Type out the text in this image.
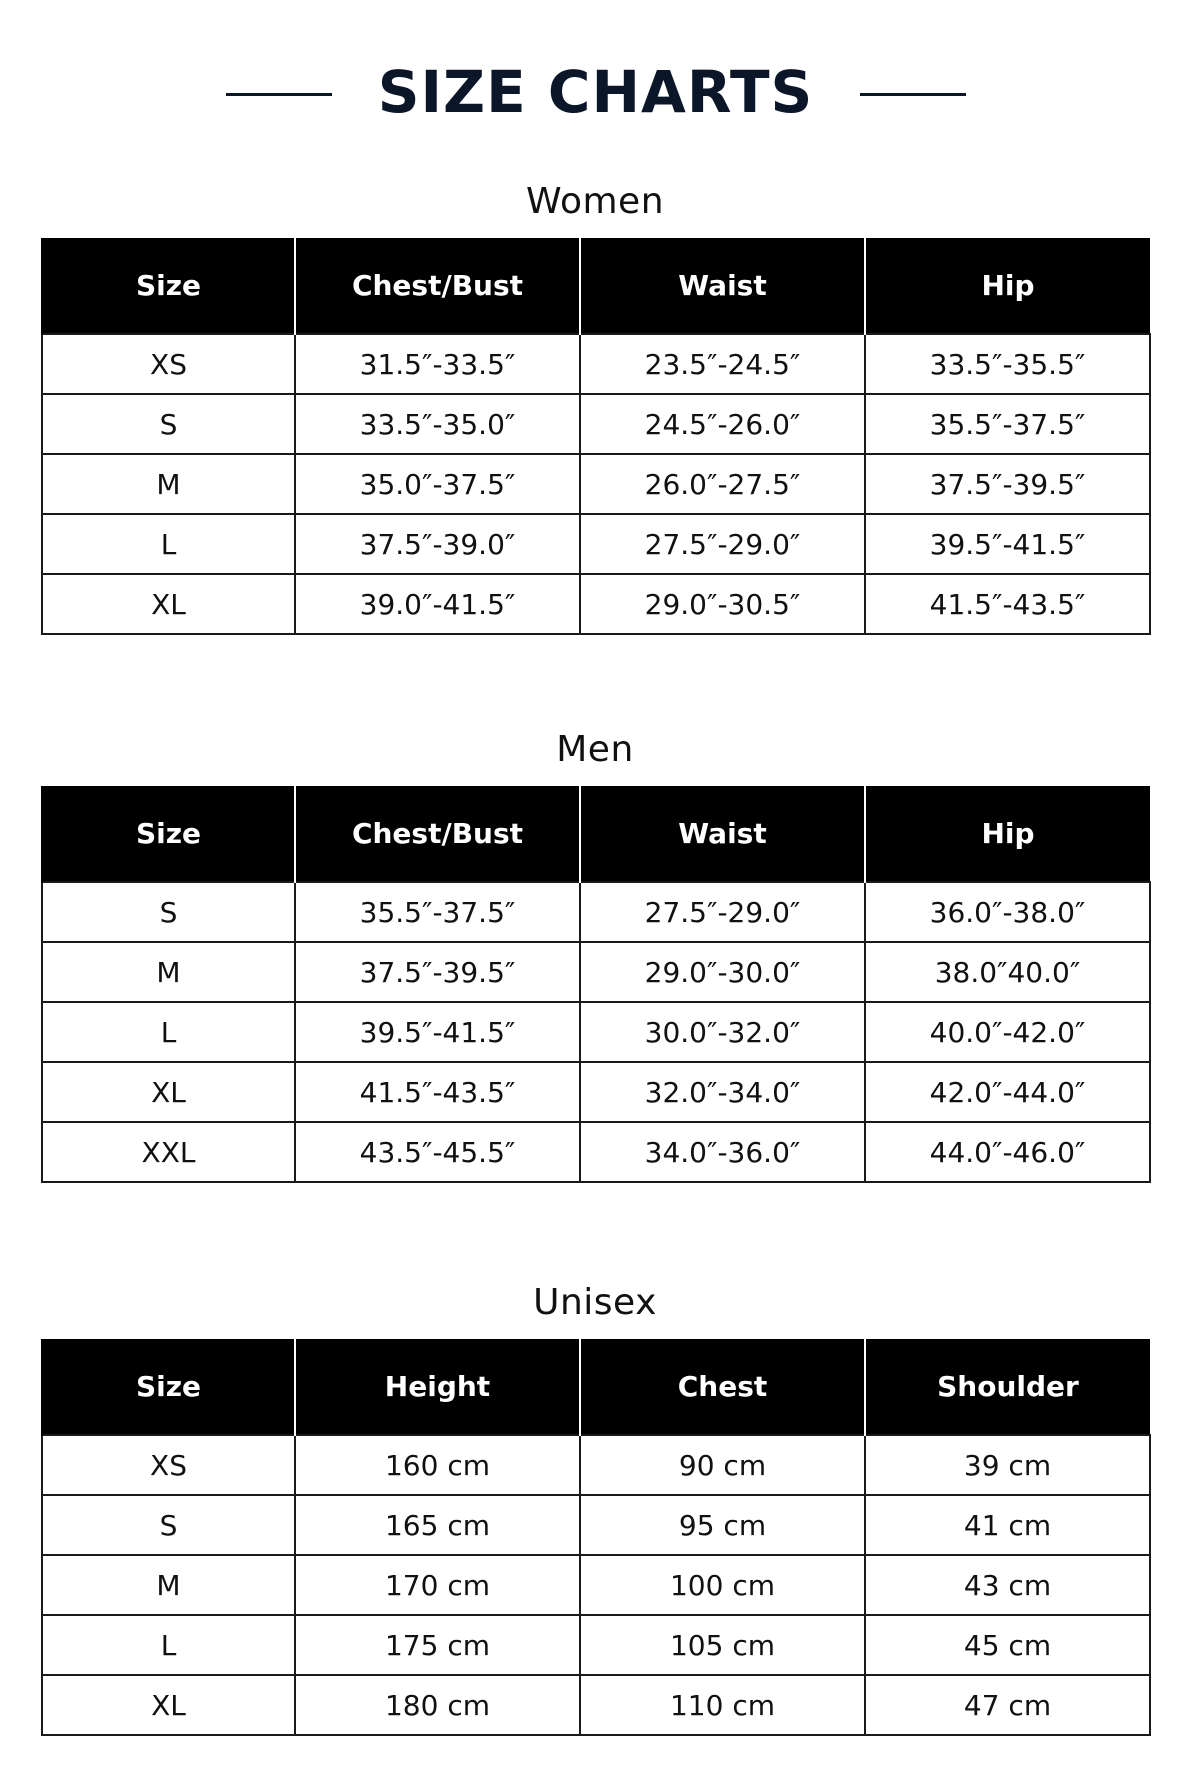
SIZE CHARTS
Women
Size	Chest/Bust	Waist	Hip
XS	31.5″-33.5″	23.5″-24.5″	33.5″-35.5″
S	33.5″-35.0″	24.5″-26.0″	35.5″-37.5″
M	35.0″-37.5″	26.0″-27.5″	37.5″-39.5″
L	37.5″-39.0″	27.5″-29.0″	39.5″-41.5″
XL	39.0″-41.5″	29.0″-30.5″	41.5″-43.5″
Men
Size	Chest/Bust	Waist	Hip
S	35.5″-37.5″	27.5″-29.0″	36.0″-38.0″
M	37.5″-39.5″	29.0″-30.0″	38.0″40.0″
L	39.5″-41.5″	30.0″-32.0″	40.0″-42.0″
XL	41.5″-43.5″	32.0″-34.0″	42.0″-44.0″
XXL	43.5″-45.5″	34.0″-36.0″	44.0″-46.0″
Unisex
Size	Height	Chest	Shoulder
XS	160 cm	90 cm	39 cm
S	165 cm	95 cm	41 cm
M	170 cm	100 cm	43 cm
L	175 cm	105 cm	45 cm
XL	180 cm	110 cm	47 cm
